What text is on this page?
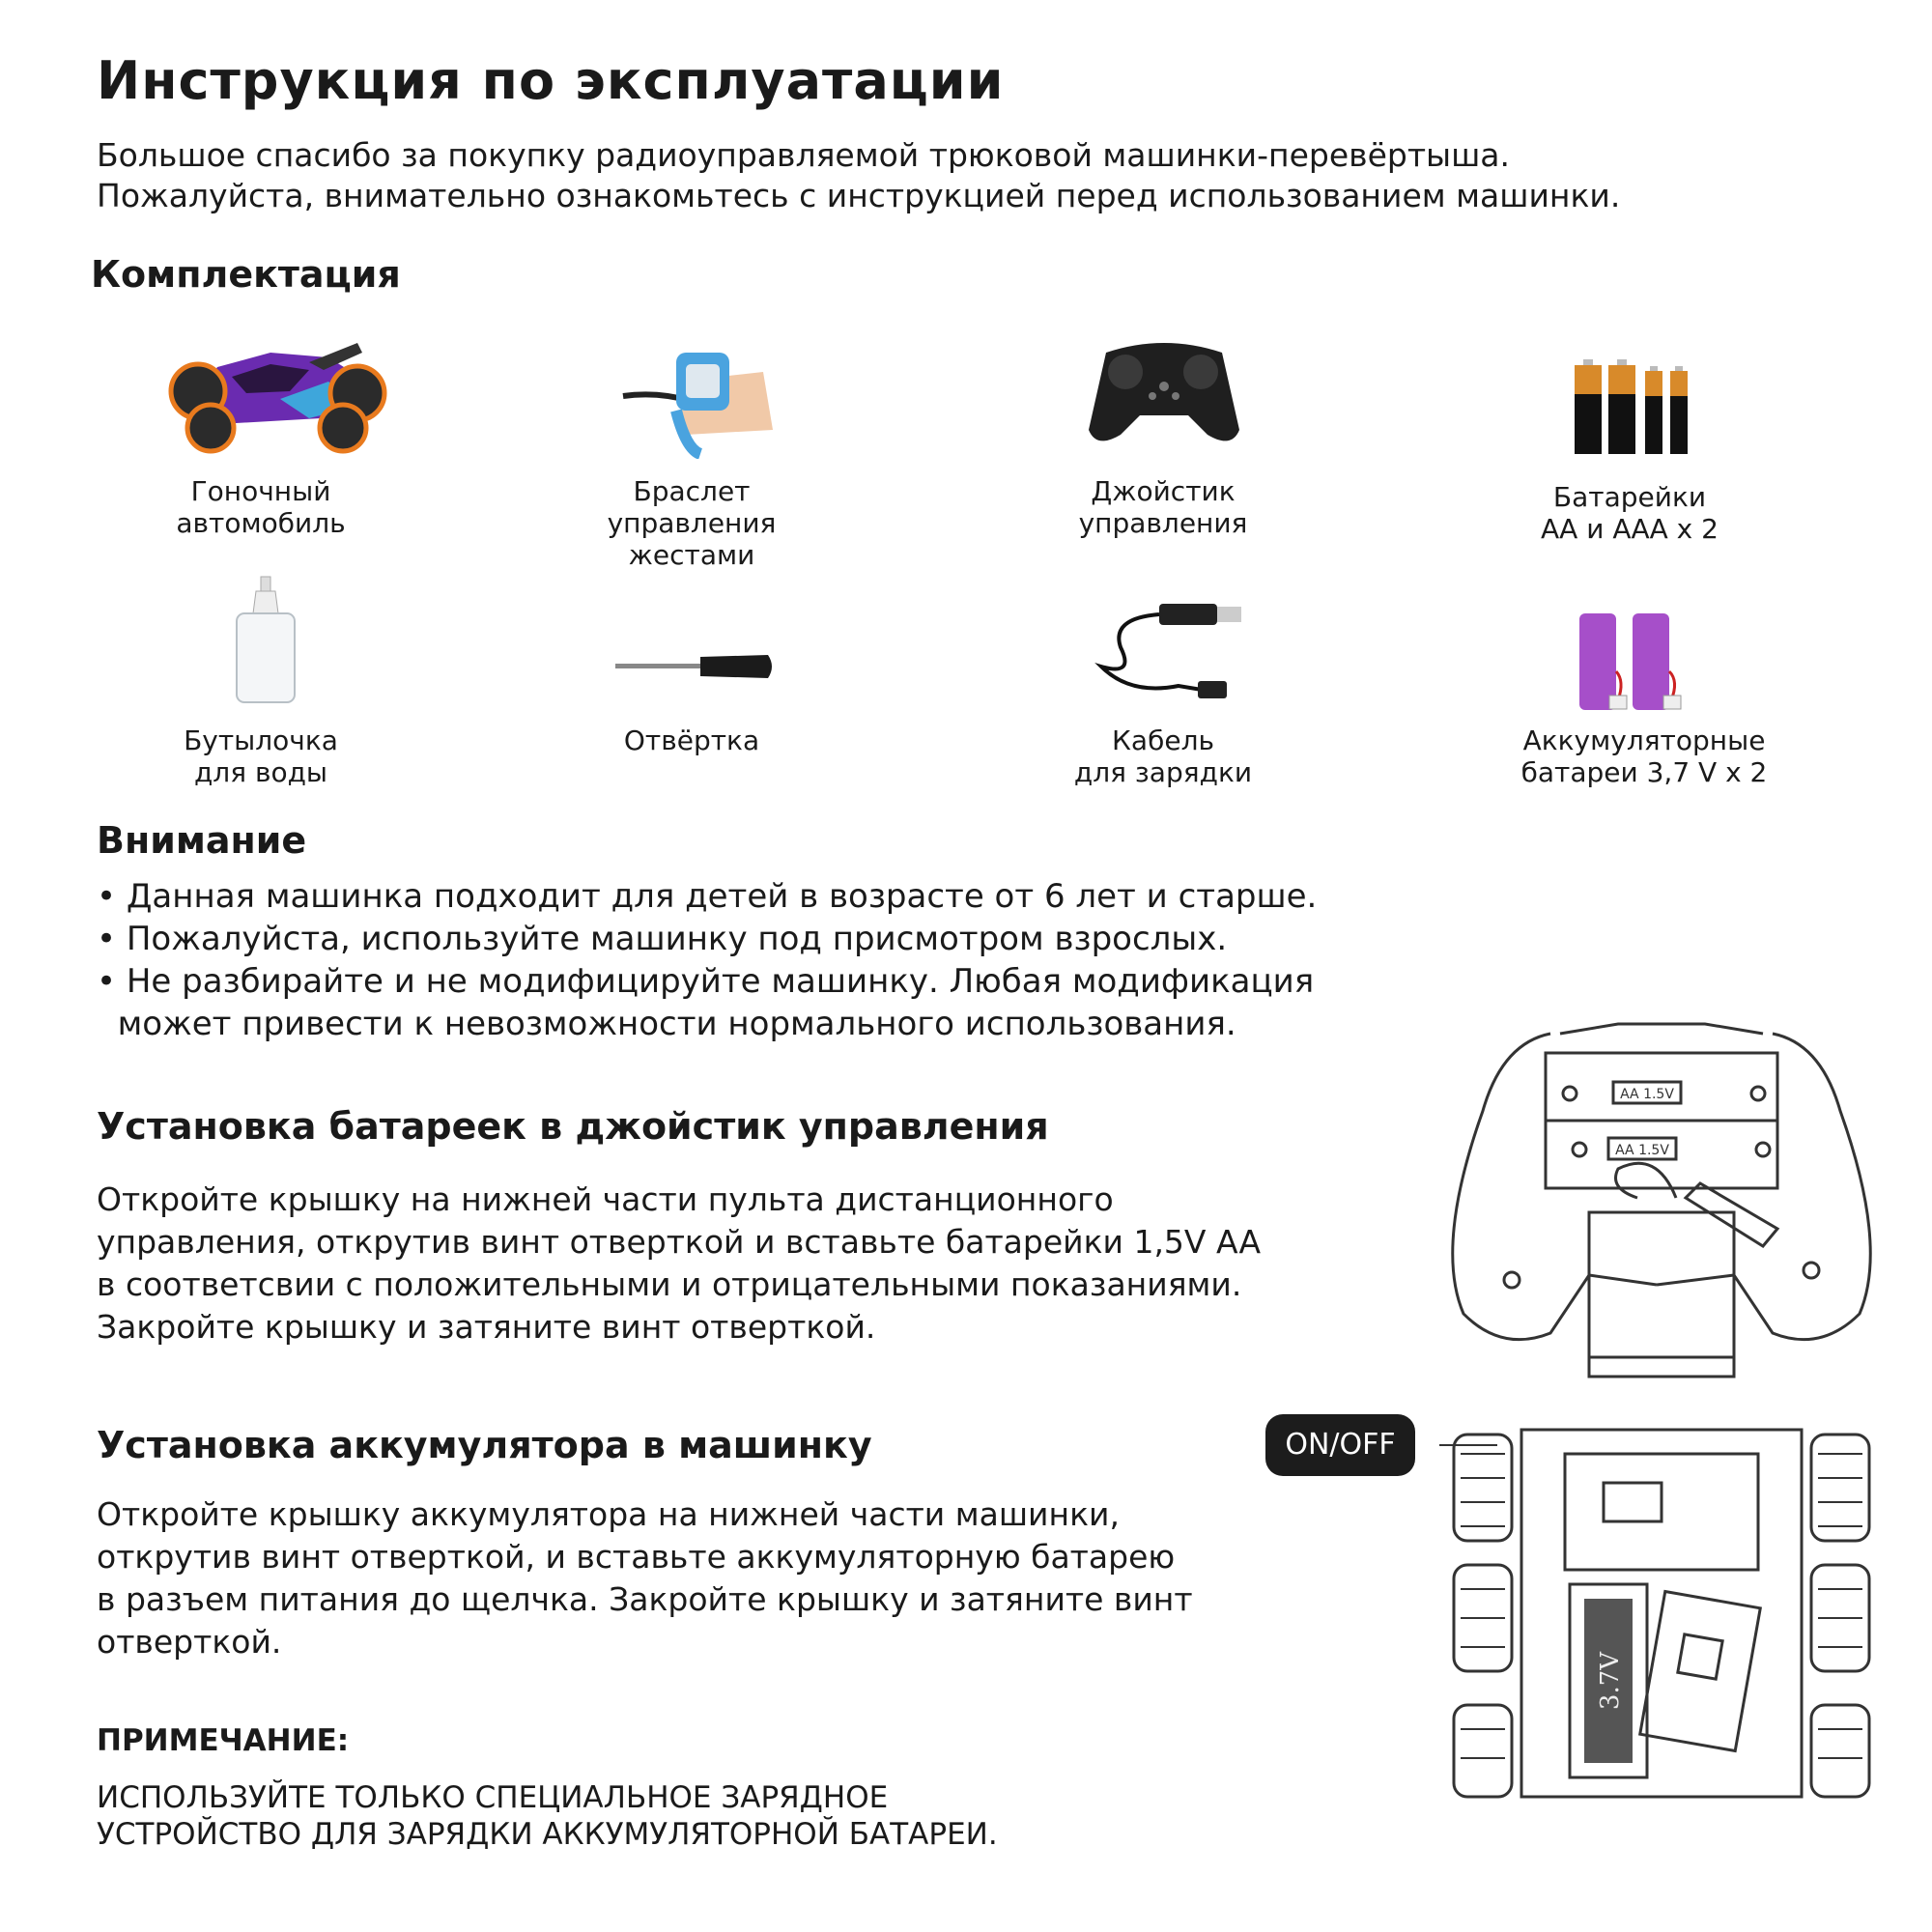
Инструкция по эксплуатации
Большое спасибо за покупку радиоуправляемой трюковой машинки-перевёртыша.
Пожалуйста, внимательно ознакомьтесь с инструкцией перед использованием машинки.
Комплектация
Гоночный
автомобиль
Браслет
управления
жестами
Джойстик
управления
Батарейки
АА и ААА х 2
Бутылочка
для воды
Отвёртка	Кабель
для зарядки
Аккумуляторные
батареи 3,7 V х 2
Внимание
• Данная машинка подходит для детей в возрасте от 6 лет и старше.
• Пожалуйста, используйте машинку под присмотром взрослых.
• Не разбирайте и не модифицируйте машинку. Любая модификация
может привести к невозможности нормального использования.
Установка батареек в джойстик управления
Откройте крышку на нижней части пульта дистанционного
управления, открутив винт отверткой и вставьте батарейки 1,5V AA
в соответсвии с положительными и отрицательными показаниями.
Закройте крышку и затяните винт отверткой.
AA 1.5V
AA 1.5V
Установка аккумулятора в машинку	ON/OFF
Откройте крышку аккумулятора на нижней части машинки,
открутив винт отверткой, и вставьте аккумуляторную батарею
в разъем питания до щелчка. Закройте крышку и затяните винт
отверткой.
3.7V
ПРИМЕЧАНИЕ:
ИСПОЛЬЗУЙТЕ ТОЛЬКО СПЕЦИАЛЬНОЕ ЗАРЯДНОЕ
УСТРОЙСТВО ДЛЯ ЗАРЯДКИ АККУМУЛЯТОРНОЙ БАТАРЕИ.
